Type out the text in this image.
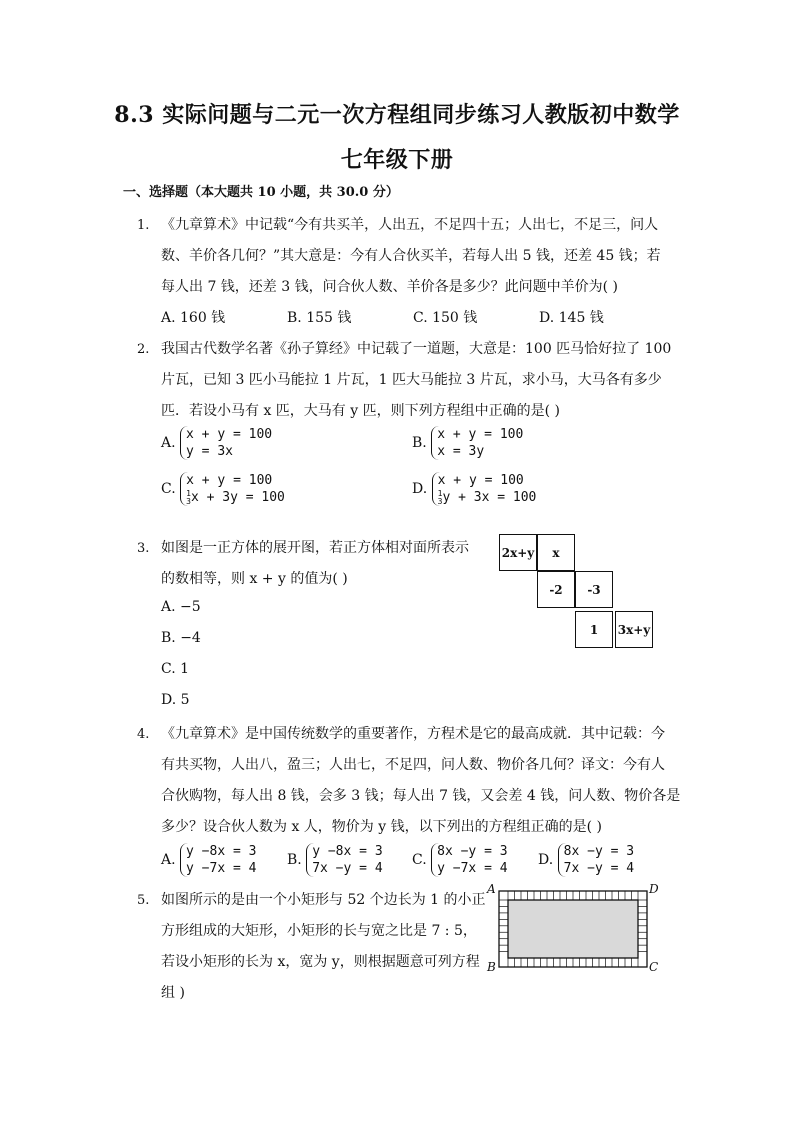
8.3 实际问题与二元一次方程组同步练习人教版初中数学
七年级下册
一、选择题（本大题共 10 小题，共 30.0 分）
1. 《九章算术》中记载“今有共买羊，人出五，不足四十五；人出七，不足三，问人
数、羊价各几何？”其大意是：今有人合伙买羊，若每人出 5 钱，还差 45 钱；若
每人出 7 钱，还差 3 钱，问合伙人数、羊价各是多少？此问题中羊价为( )
A. 160 钱	B. 155 钱	C. 150 钱	D. 145 钱
2. 我国古代数学名著《孙子算经》中记载了一道题，大意是：100 匹马恰好拉了 100
片瓦，已知 3 匹小马能拉 1 片瓦，1 匹大马能拉 3 片瓦，求小马，大马各有多少
匹．若设小马有 x 匹，大马有 y 匹，则下列方程组中正确的是( )
A.
x + y = 100
y = 3x
B.
x + y = 100
x = 3y
C.
x + y = 100
1
3x + 3y = 100
D.
x + y = 100
1
3y + 3x = 100
3. 如图是一正方体的展开图，若正方体相对面所表示
的数相等，则 x + y 的值为( )
A. −5
B. −4
C. 1
D. 5
2x+y	x
-2	-3
1	3x+y
4. 《九章算术》是中国传统数学的重要著作，方程术是它的最高成就．其中记载：今
有共买物，人出八，盈三；人出七，不足四，问人数、物价各几何？译文：今有人
合伙购物，每人出 8 钱，会多 3 钱；每人出 7 钱，又会差 4 钱，问人数、物价各是
多少？设合伙人数为 x 人，物价为 y 钱，以下列出的方程组正确的是( )
A.
y −8x = 3
y −7x = 4
B.
y −8x = 3
7x −y = 4
C.
8x −y = 3
y −7x = 4
D.
8x −y = 3
7x −y = 4
5. 如图所示的是由一个小矩形与 52 个边长为 1 的小正
方形组成的大矩形，小矩形的长与宽之比是 7 : 5，
若设小矩形的长为 x，宽为 y，则根据题意可列方程
组 )
A	D
B	C
